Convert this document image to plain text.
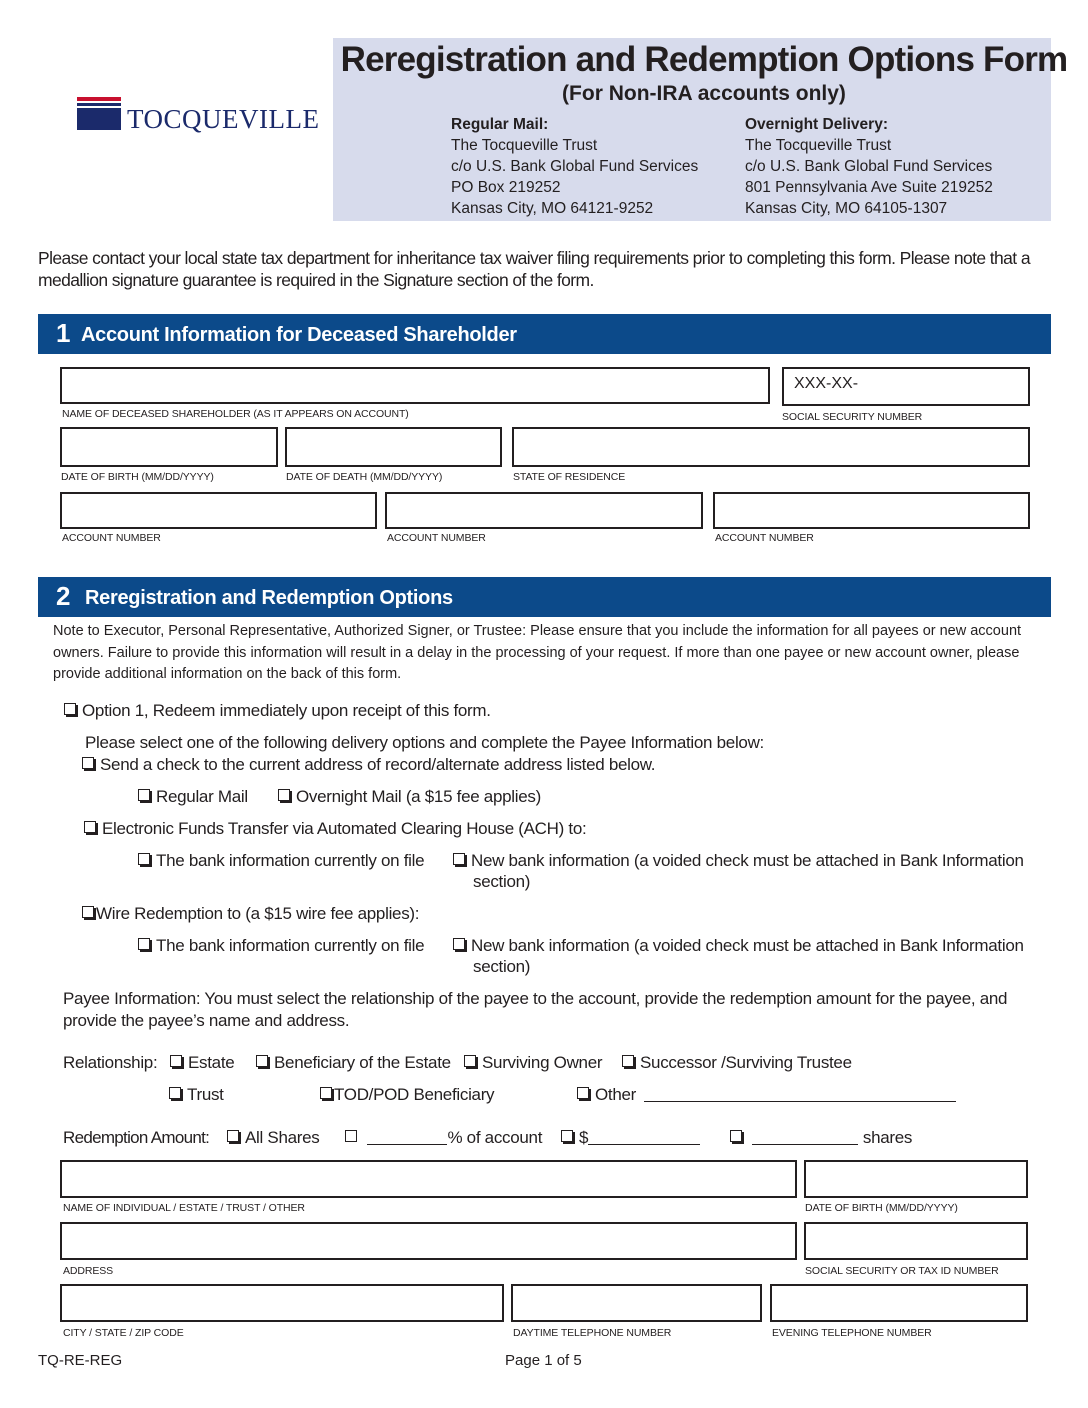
TOCQUEVILLE
Reregistration and Redemption Options Form
(For Non-IRA accounts only)
Regular Mail:
The Tocqueville Trust
c/o U.S. Bank Global Fund Services
PO Box 219252
Kansas City, MO 64121-9252
Overnight Delivery:
The Tocqueville Trust
c/o U.S. Bank Global Fund Services
801 Pennsylvania Ave Suite 219252
Kansas City, MO 64105-1307
Please contact your local state tax department for inheritance tax waiver filing requirements prior to completing this form. Please note that a medallion signature guarantee is required in the Signature section of the form.
1 Account Information for Deceased Shareholder
NAME OF DECEASED SHAREHOLDER (AS IT APPEARS ON ACCOUNT)
XXX-XX-
SOCIAL SECURITY NUMBER
DATE OF BIRTH (MM/DD/YYYY)	DATE OF DEATH (MM/DD/YYYY)	STATE OF RESIDENCE
ACCOUNT NUMBER	ACCOUNT NUMBER	ACCOUNT NUMBER
2 Reregistration and Redemption Options
Note to Executor, Personal Representative, Authorized Signer, or Trustee: Please ensure that you include the information for all payees or new account owners. Failure to provide this information will result in a delay in the processing of your request. If more than one payee or new account owner, please provide additional information on the back of this form.
Option 1, Redeem immediately upon receipt of this form.
Please select one of the following delivery options and complete the Payee Information below:
Send a check to the current address of record/alternate address listed below.
Regular Mail	Overnight Mail (a $15 fee applies)
Electronic Funds Transfer via Automated Clearing House (ACH) to:
The bank information currently on file	New bank information (a voided check must be attached in Bank Information
section)
Wire Redemption to (a $15 wire fee applies):
The bank information currently on file	New bank information (a voided check must be attached in Bank Information
section)
Payee Information: You must select the relationship of the payee to the account, provide the redemption amount for the payee, and provide the payee’s name and address.
Relationship:	Estate	Beneficiary of the Estate	Surviving Owner	Successor /Surviving Trustee
Trust	TOD/POD Beneficiary	Other
Redemption Amount:	All Shares	% of account	$	shares
NAME OF INDIVIDUAL / ESTATE / TRUST / OTHER	DATE OF BIRTH (MM/DD/YYYY)
ADDRESS	SOCIAL SECURITY OR TAX ID NUMBER
CITY / STATE / ZIP CODE	DAYTIME TELEPHONE NUMBER	EVENING TELEPHONE NUMBER
TQ-RE-REG	Page 1 of 5
